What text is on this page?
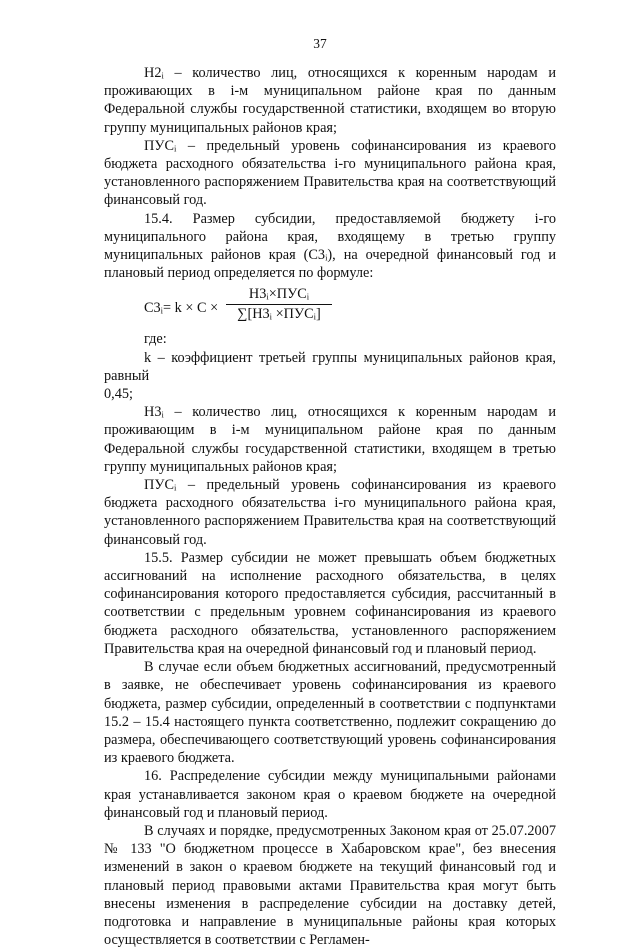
37

Н2ᵢ – количество лиц, относящихся к коренным народам и проживающих в i-м муниципальном районе края по данным Федеральной службы государственной статистики, входящем во вторую группу муниципальных районов края;

ПУСᵢ – предельный уровень софинансирования из краевого бюджета расходного обязательства i-го муниципального района края, установленного распоряжением Правительства края на соответствующий финансовый год.

15.4. Размер субсидии, предоставляемой бюджету i-го муниципального района края, входящему в третью группу муниципальных районов края (С3ᵢ), на очередной финансовый год и плановый период определяется по формуле:

С3ᵢ= k × C ×
Н3ᵢ×ПУСᵢ
∑[Н3ᵢ ×ПУСᵢ]

где:

k – коэффициент третьей группы муниципальных районов края, равный

0,45;

Н3ᵢ – количество лиц, относящихся к коренным народам и проживающим в i-м муниципальном районе края по данным Федеральной службы государственной статистики, входящем в третью группу муниципальных районов края;

ПУСᵢ – предельный уровень софинансирования из краевого бюджета расходного обязательства i-го муниципального района края, установленного распоряжением Правительства края на соответствующий финансовый год.

15.5. Размер субсидии не может превышать объем бюджетных ассигнований на исполнение расходного обязательства, в целях софинансирования которого предоставляется субсидия, рассчитанный в соответствии с предельным уровнем софинансирования из краевого бюджета расходного обязательства, установленного распоряжением Правительства края на очередной финансовый год и плановый период.

В случае если объем бюджетных ассигнований, предусмотренный в заявке, не обеспечивает уровень софинансирования из краевого бюджета, размер субсидии, определенный в соответствии с подпунктами 15.2 – 15.4 настоящего пункта соответственно, подлежит сокращению до размера, обеспечивающего соответствующий уровень софинансирования из краевого бюджета.

16. Распределение субсидии между муниципальными районами края устанавливается законом края о краевом бюджете на очередной финансовый год и плановый период.

В случаях и порядке, предусмотренных Законом края от 25.07.2007 № 133 "О бюджетном процессе в Хабаровском крае", без внесения изменений в закон о краевом бюджете на текущий финансовый год и плановый период правовыми актами Правительства края могут быть внесены изменения в распределение субсидии на доставку детей, подготовка и направление в муниципальные районы края которых осуществляется в соответствии с Регламен-
